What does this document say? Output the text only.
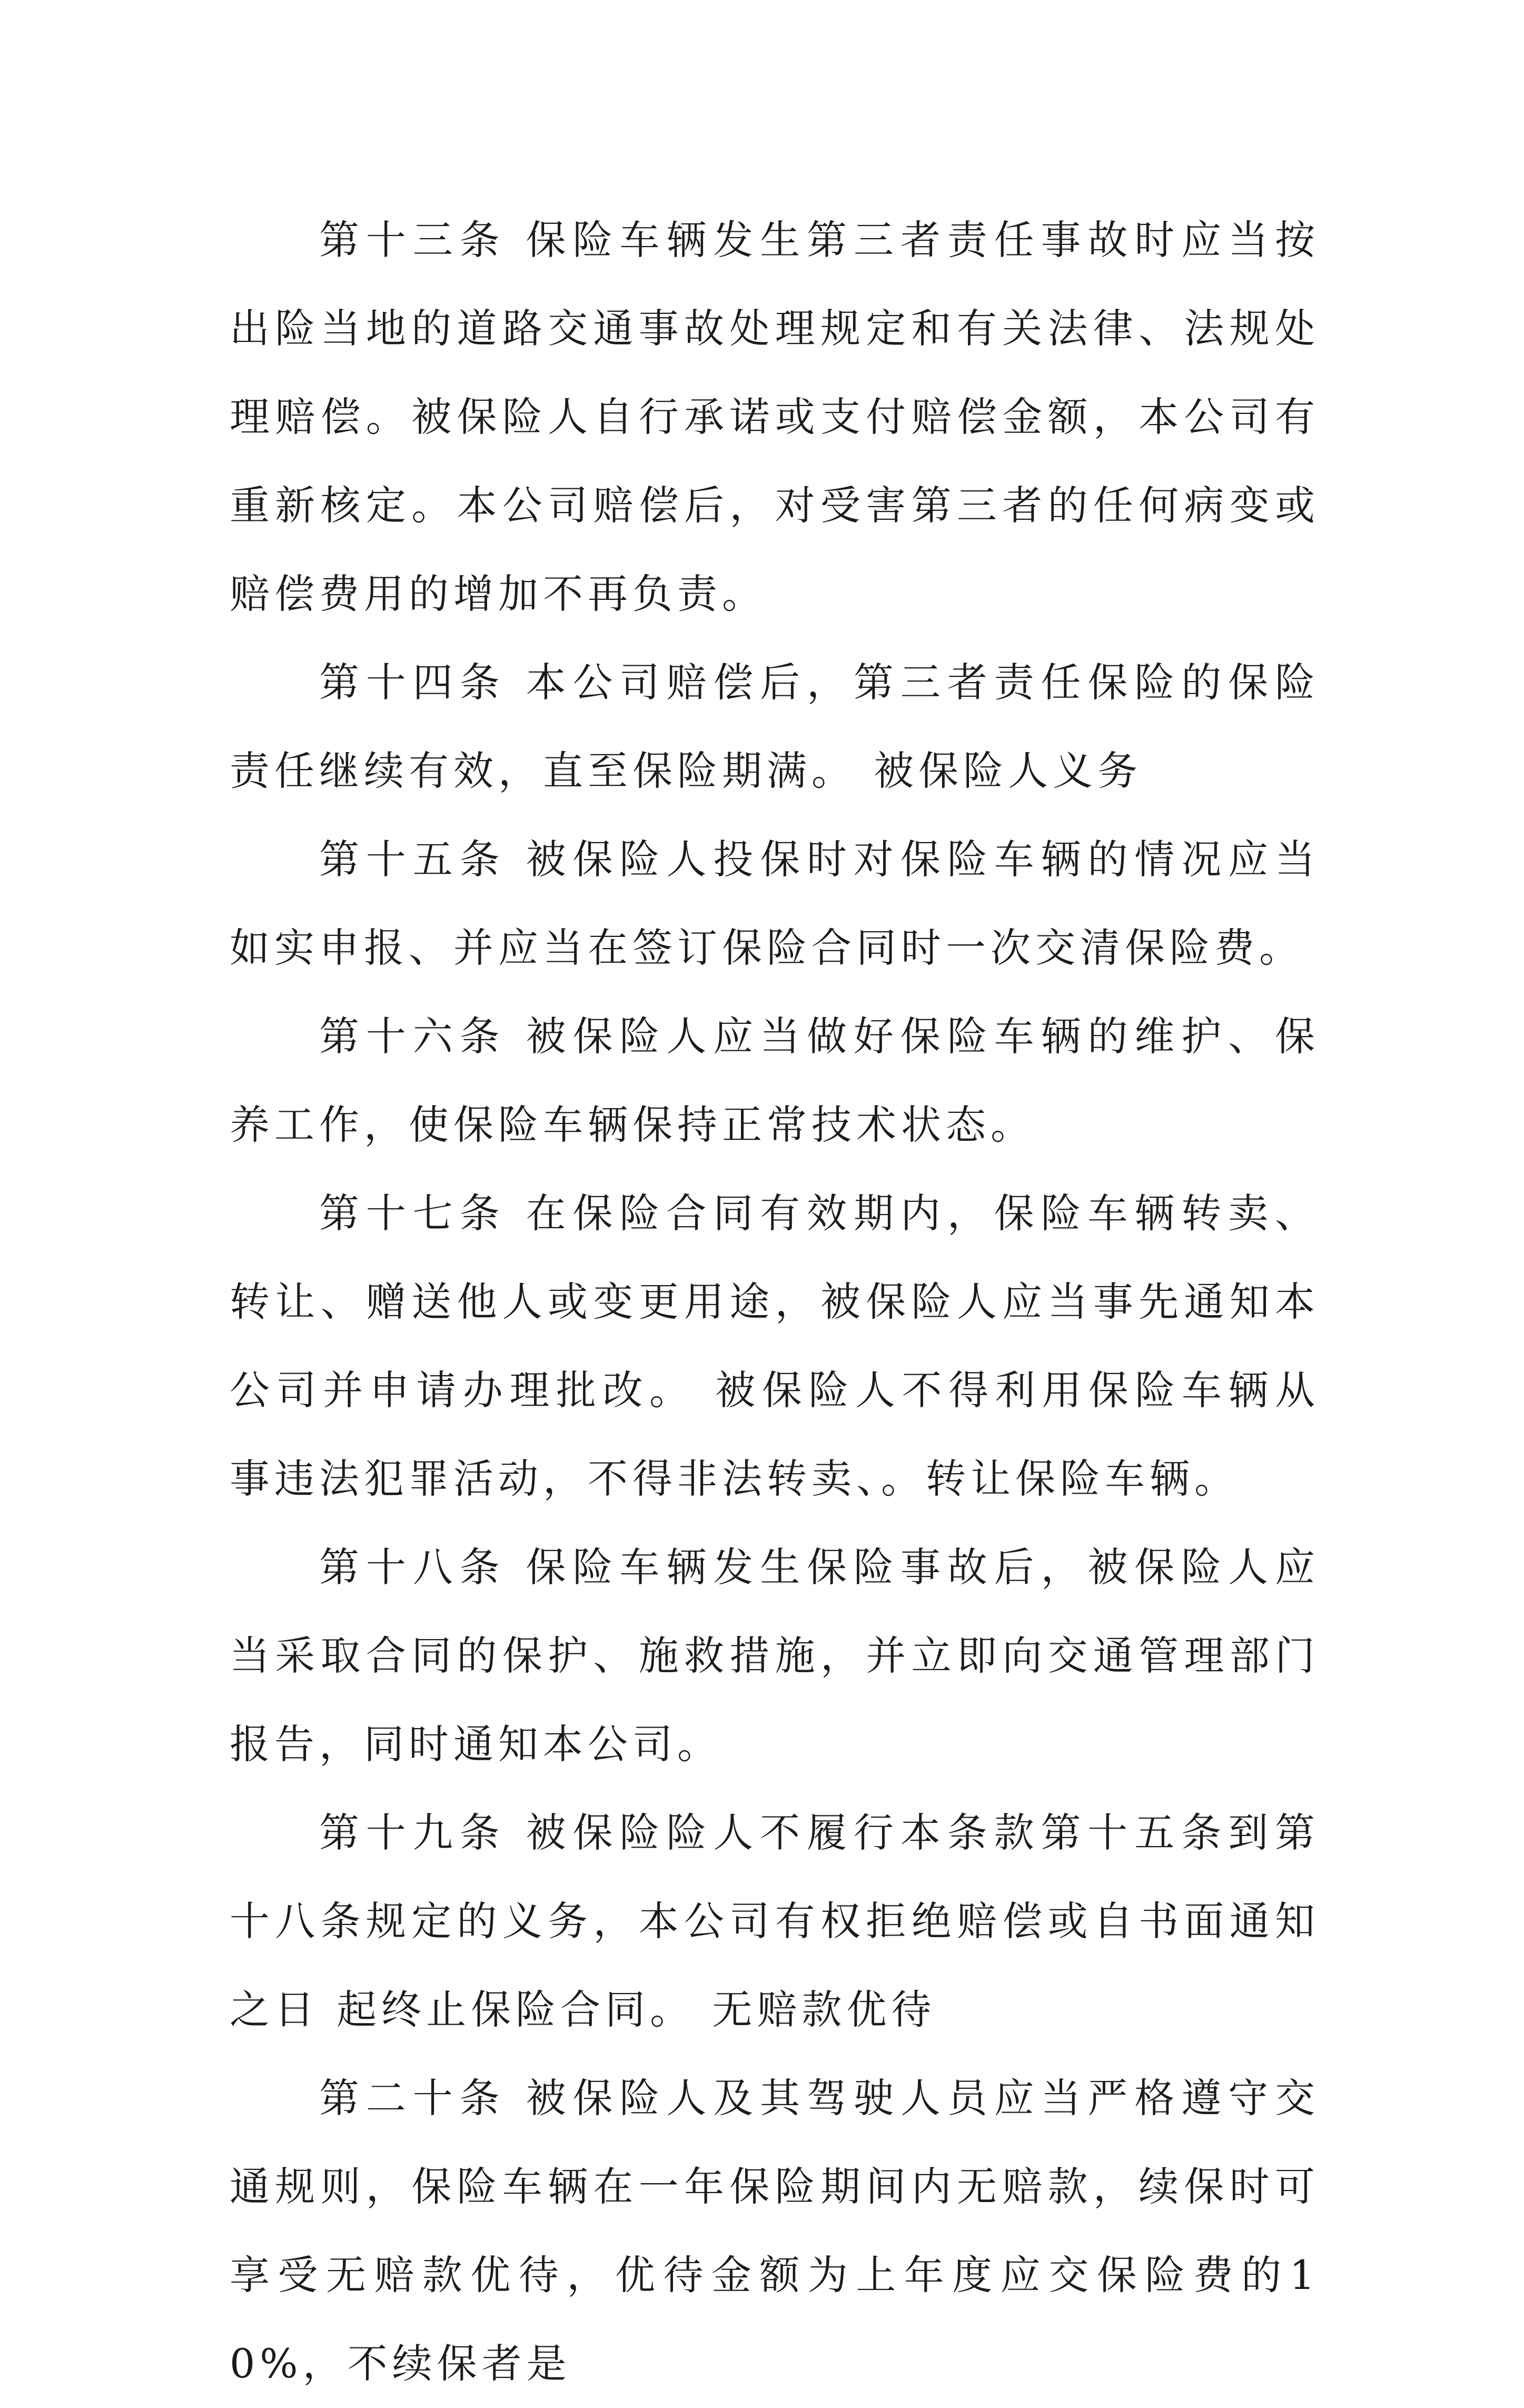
第十三条 保险车辆发生第三者责任事故时应当按出险当地的道路交通事故处理规定和有关法律、法规处理赔偿。被保险人自行承诺或支付赔偿金额，本公司有重新核定。本公司赔偿后，对受害第三者的任何病变或赔偿费用的增加不再负责。

第十四条 本公司赔偿后，第三者责任保险的保险责任继续有效，直至保险期满。 被保险人义务

第十五条 被保险人投保时对保险车辆的情况应当如实申报、并应当在签订保险合同时一次交清保险费。

第十六条 被保险人应当做好保险车辆的维护、保养工作，使保险车辆保持正常技术状态。

第十七条 在保险合同有效期内，保险车辆转卖、转让、赠送他人或变更用途，被保险人应当事先通知本公司并申请办理批改。 被保险人不得利用保险车辆从事违法犯罪活动，不得非法转卖、。转让保险车辆。

第十八条 保险车辆发生保险事故后，被保险人应当采取合同的保护、施救措施，并立即向交通管理部门报告，同时通知本公司。

第十九条 被保险险人不履行本条款第十五条到第十八条规定的义务，本公司有权拒绝赔偿或自书面通知之日 起终止保险合同。 无赔款优待

第二十条 被保险人及其驾驶人员应当严格遵守交通规则，保险车辆在一年保险期间内无赔款，续保时可享受无赔款优待，优待金额为上年度应交保险费的10%，不续保者是
